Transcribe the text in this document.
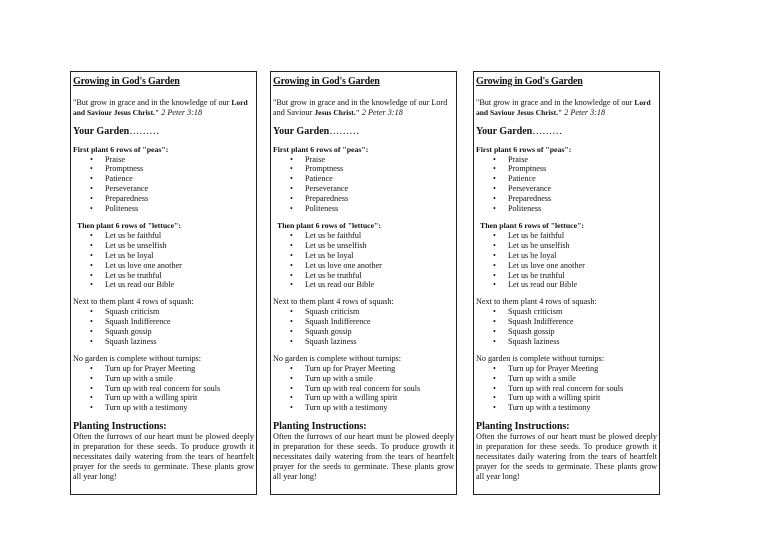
Growing in God's Garden
"But grow in grace and in the knowledge of our Lord and Saviour Jesus Christ." 2 Peter 3:18
Your Garden………
First plant 6 rows of "peas":
• Praise
• Promptness
• Patience
• Perseverance
• Preparedness
• Politeness
Then plant 6 rows of "lettuce":
• Let us be faithful
• Let us be unselfish
• Let us be loyal
• Let us love one another
• Let us be truthful
• Let us read our Bible
Next to them plant 4 rows of squash:
• Squash criticism
• Squash Indifference
• Squash gossip
• Squash laziness
No garden is complete without turnips:
• Turn up for Prayer Meeting
• Turn up with a smile
• Turn up with real concern for souls
• Turn up with a willing spirit
• Turn up with a testimony
Planting Instructions:
Often the furrows of our heart must be plowed deeply in preparation for these seeds. To produce growth it necessitates daily watering from the tears of heartfelt prayer for the seeds to germinate. These plants grow all year long!
Growing in God's Garden
"But grow in grace and in the knowledge of our Lord and Saviour Jesus Christ." 2 Peter 3:18
Your Garden………
First plant 6 rows of "peas":
• Praise
• Promptness
• Patience
• Perseverance
• Preparedness
• Politeness
Then plant 6 rows of "lettuce":
• Let us be faithful
• Let us be unselfish
• Let us be loyal
• Let us love one another
• Let us be truthful
• Let us read our Bible
Next to them plant 4 rows of squash:
• Squash criticism
• Squash Indifference
• Squash gossip
• Squash laziness
No garden is complete without turnips:
• Turn up for Prayer Meeting
• Turn up with a smile
• Turn up with real concern for souls
• Turn up with a willing spirit
• Turn up with a testimony
Planting Instructions:
Often the furrows of our heart must be plowed deeply in preparation for these seeds. To produce growth it necessitates daily watering from the tears of heartfelt prayer for the seeds to germinate. These plants grow all year long!
Growing in God's Garden
"But grow in grace and in the knowledge of our Lord and Saviour Jesus Christ." 2 Peter 3:18
Your Garden………
First plant 6 rows of "peas":
• Praise
• Promptness
• Patience
• Perseverance
• Preparedness
• Politeness
Then plant 6 rows of "lettuce":
• Let us be faithful
• Let us be unselfish
• Let us be loyal
• Let us love one another
• Let us be truthful
• Let us read our Bible
Next to them plant 4 rows of squash:
• Squash criticism
• Squash Indifference
• Squash gossip
• Squash laziness
No garden is complete without turnips:
• Turn up for Prayer Meeting
• Turn up with a smile
• Turn up with real concern for souls
• Turn up with a willing spirit
• Turn up with a testimony
Planting Instructions:
Often the furrows of our heart must be plowed deeply in preparation for these seeds. To produce growth it necessitates daily watering from the tears of heartfelt prayer for the seeds to germinate. These plants grow all year long!
